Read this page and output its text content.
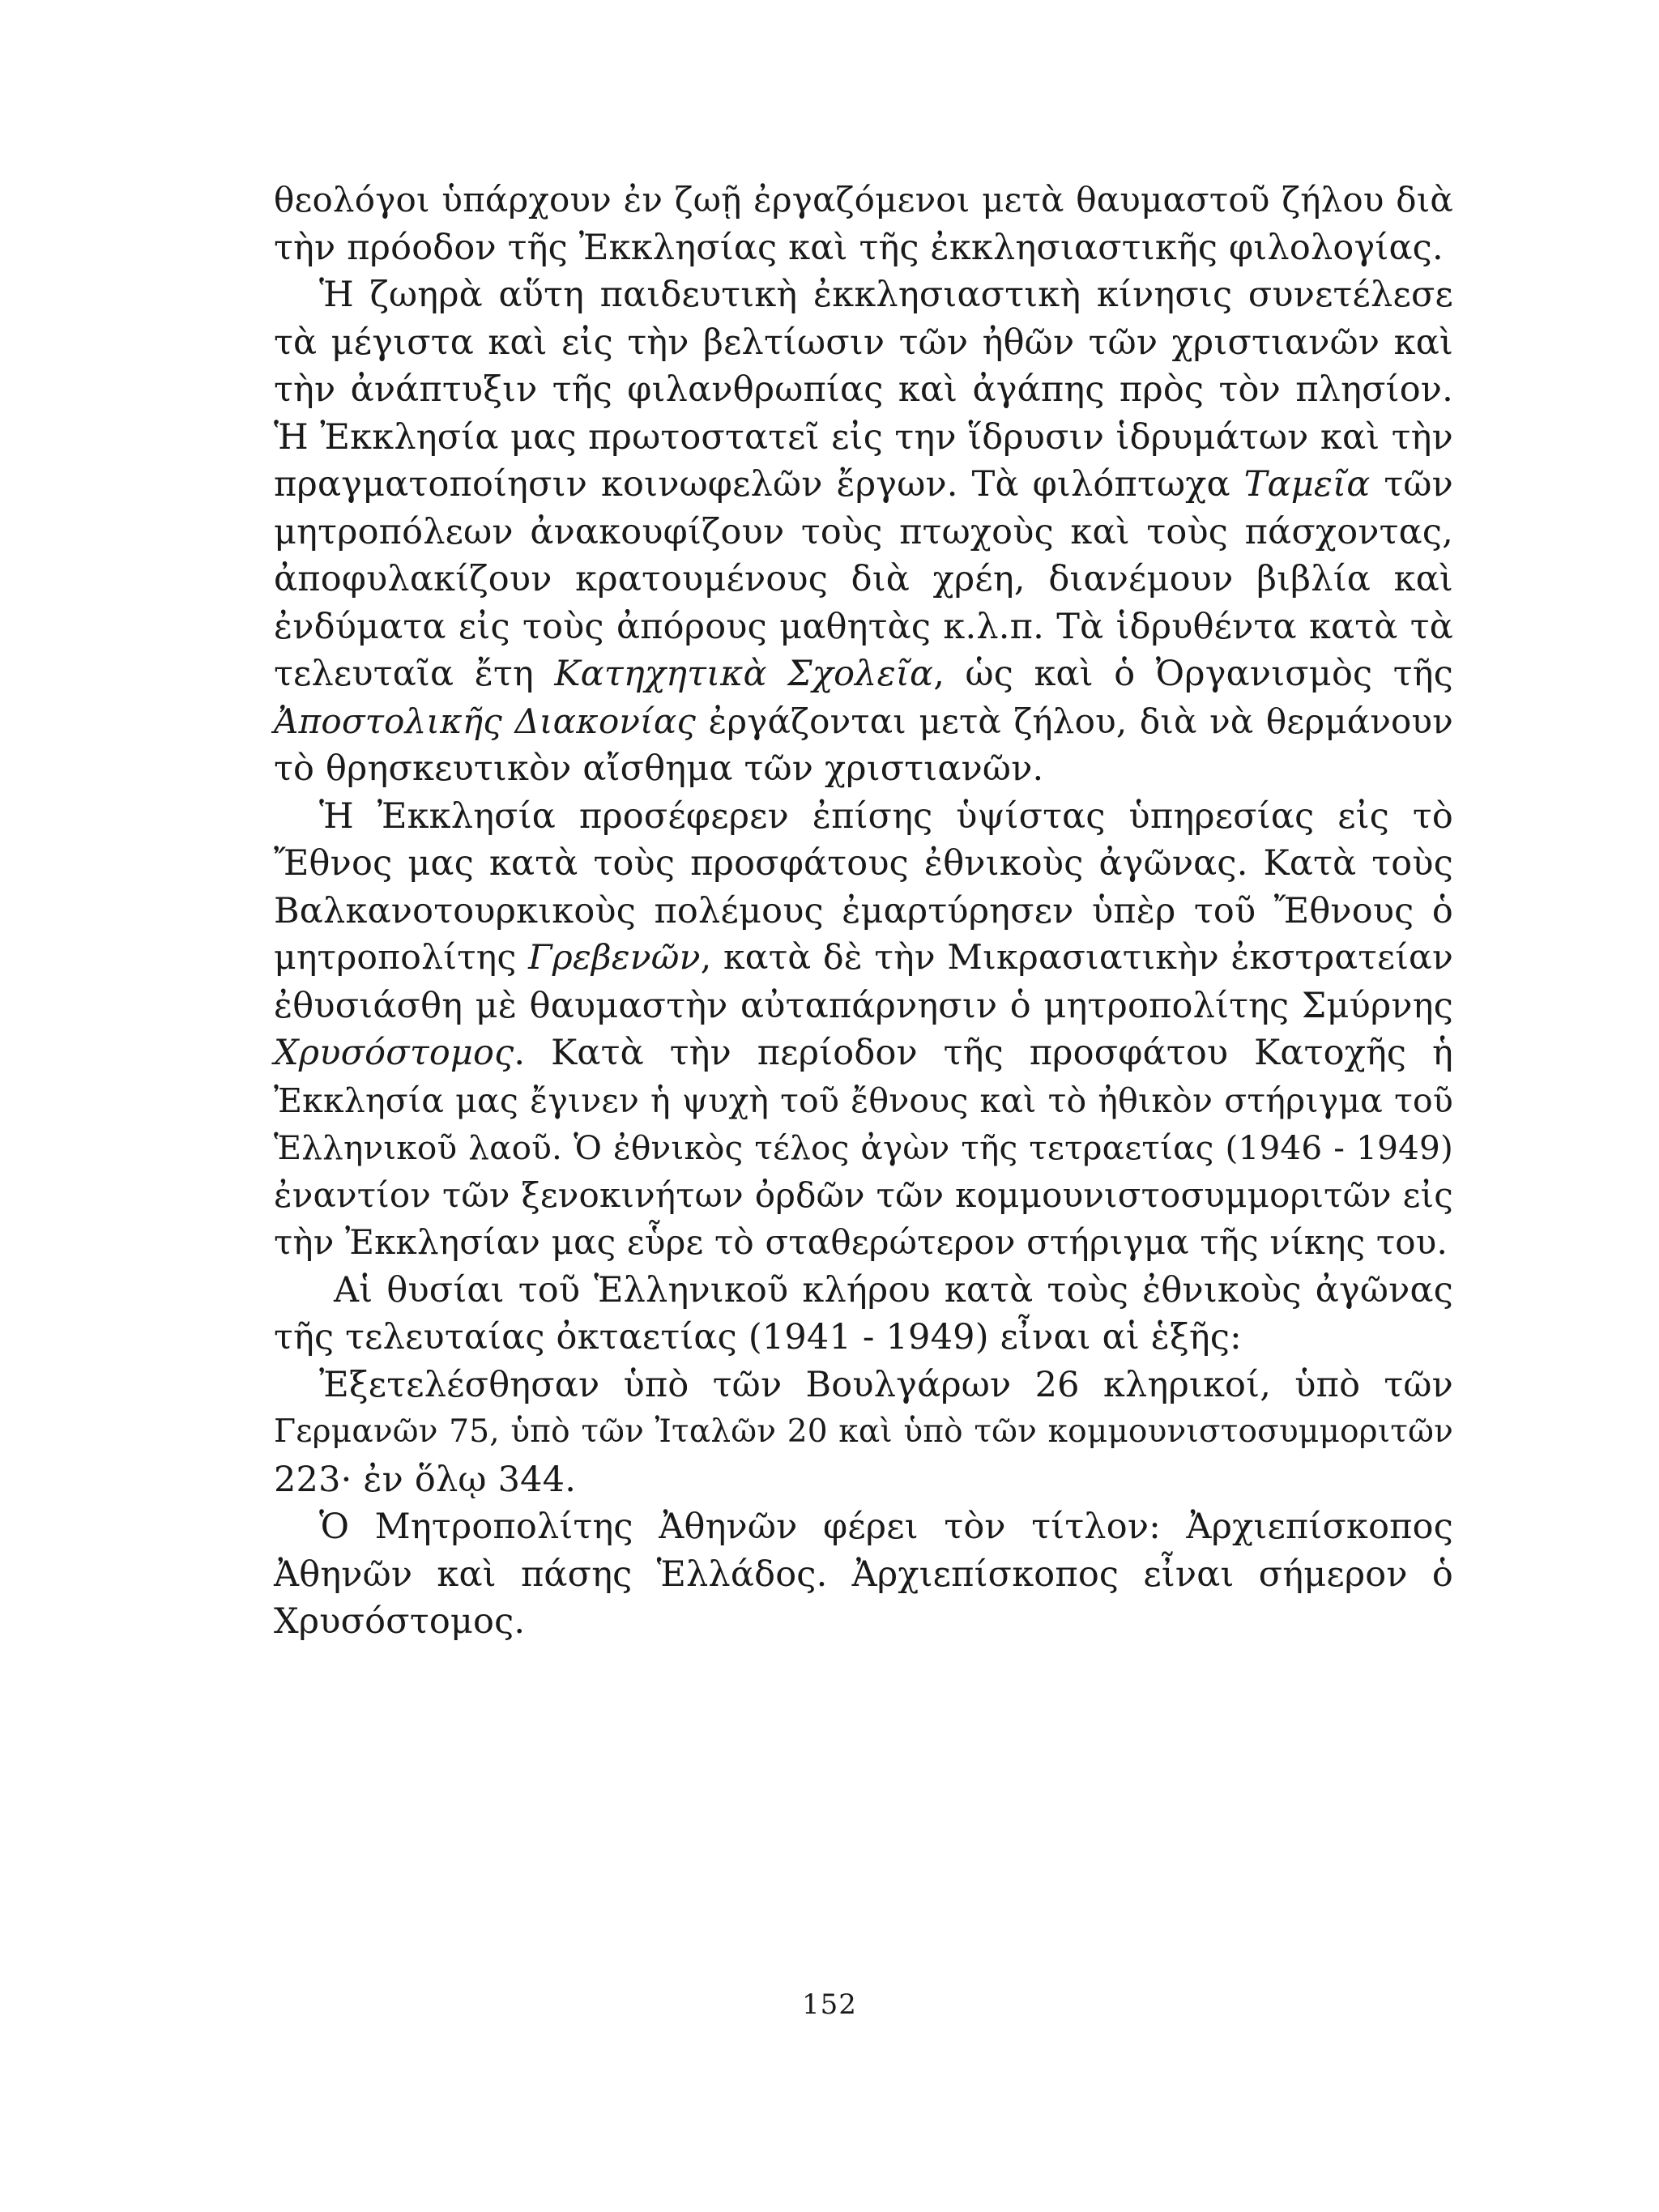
θεολόγοι ὑπάρχουν ἐν ζωῇ ἐργαζόμενοι μετὰ θαυμαστοῦ ζήλου διὰ
τὴν πρόοδον τῆς Ἐκκλησίας καὶ τῆς ἐκκλησιαστικῆς φιλολογίας.
Ἡ ζωηρὰ αὕτη παιδευτικὴ ἐκκλησιαστικὴ κίνησις συνετέλεσε
τὰ μέγιστα καὶ εἰς τὴν βελτίωσιν τῶν ἠθῶν τῶν χριστιανῶν καὶ
τὴν ἀνάπτυξιν τῆς φιλανθρωπίας καὶ ἀγάπης πρὸς τὸν πλησίον.
Ἡ Ἐκκλησία μας πρωτοστατεῖ εἰς την ἵδρυσιν ἱδρυμάτων καὶ τὴν
πραγματοποίησιν κοινωφελῶν ἔργων. Τὰ φιλόπτωχα Ταμεῖα τῶν
μητροπόλεων ἀνακουφίζουν τοὺς πτωχοὺς καὶ τοὺς πάσχοντας,
ἀποφυλακίζουν κρατουμένους διὰ χρέη, διανέμουν βιβλία καὶ
ἐνδύματα εἰς τοὺς ἀπόρους μαθητὰς κ.λ.π. Τὰ ἱδρυθέντα κατὰ τὰ
τελευταῖα ἔτη Κατηχητικὰ Σχολεῖα, ὡς καὶ ὁ Ὀργανισμὸς τῆς
Ἀποστολικῆς Διακονίας ἐργάζονται μετὰ ζήλου, διὰ νὰ θερμάνουν
τὸ θρησκευτικὸν αἴσθημα τῶν χριστιανῶν.
Ἡ Ἐκκλησία προσέφερεν ἐπίσης ὑψίστας ὑπηρεσίας εἰς τὸ
Ἔθνος μας κατὰ τοὺς προσφάτους ἐθνικοὺς ἀγῶνας. Κατὰ τοὺς
Βαλκανοτουρκικοὺς πολέμους ἐμαρτύρησεν ὑπὲρ τοῦ Ἔθνους ὁ
μητροπολίτης Γρεβενῶν, κατὰ δὲ τὴν Μικρασιατικὴν ἐκστρατείαν
ἐθυσιάσθη μὲ θαυμαστὴν αὐταπάρνησιν ὁ μητροπολίτης Σμύρνης
Χρυσόστομος. Κατὰ τὴν περίοδον τῆς προσφάτου Κατοχῆς ἡ
Ἐκκλησία μας ἔγινεν ἡ ψυχὴ τοῦ ἔθνους καὶ τὸ ἠθικὸν στήριγμα τοῦ
Ἑλληνικοῦ λαοῦ. Ὁ ἐθνικὸς τέλος ἀγὼν τῆς τετραετίας (1946 - 1949)
ἐναντίον τῶν ξενοκινήτων ὀρδῶν τῶν κομμουνιστοσυμμοριτῶν εἰς
τὴν Ἐκκλησίαν μας εὗρε τὸ σταθερώτερον στήριγμα τῆς νίκης του.
Αἱ θυσίαι τοῦ Ἑλληνικοῦ κλήρου κατὰ τοὺς ἐθνικοὺς ἀγῶνας
τῆς τελευταίας ὀκταετίας (1941 - 1949) εἶναι αἱ ἑξῆς:
Ἐξετελέσθησαν ὑπὸ τῶν Βουλγάρων 26 κληρικοί, ὑπὸ τῶν
Γερμανῶν 75, ὑπὸ τῶν Ἰταλῶν 20 καὶ ὑπὸ τῶν κομμουνιστοσυμμοριτῶν
223· ἐν ὅλῳ 344.
Ὁ Μητροπολίτης Ἀθηνῶν φέρει τὸν τίτλον: Ἀρχιεπίσκοπος
Ἀθηνῶν καὶ πάσης Ἑλλάδος. Ἀρχιεπίσκοπος εἶναι σήμερον ὁ
Χρυσόστομος.
152
